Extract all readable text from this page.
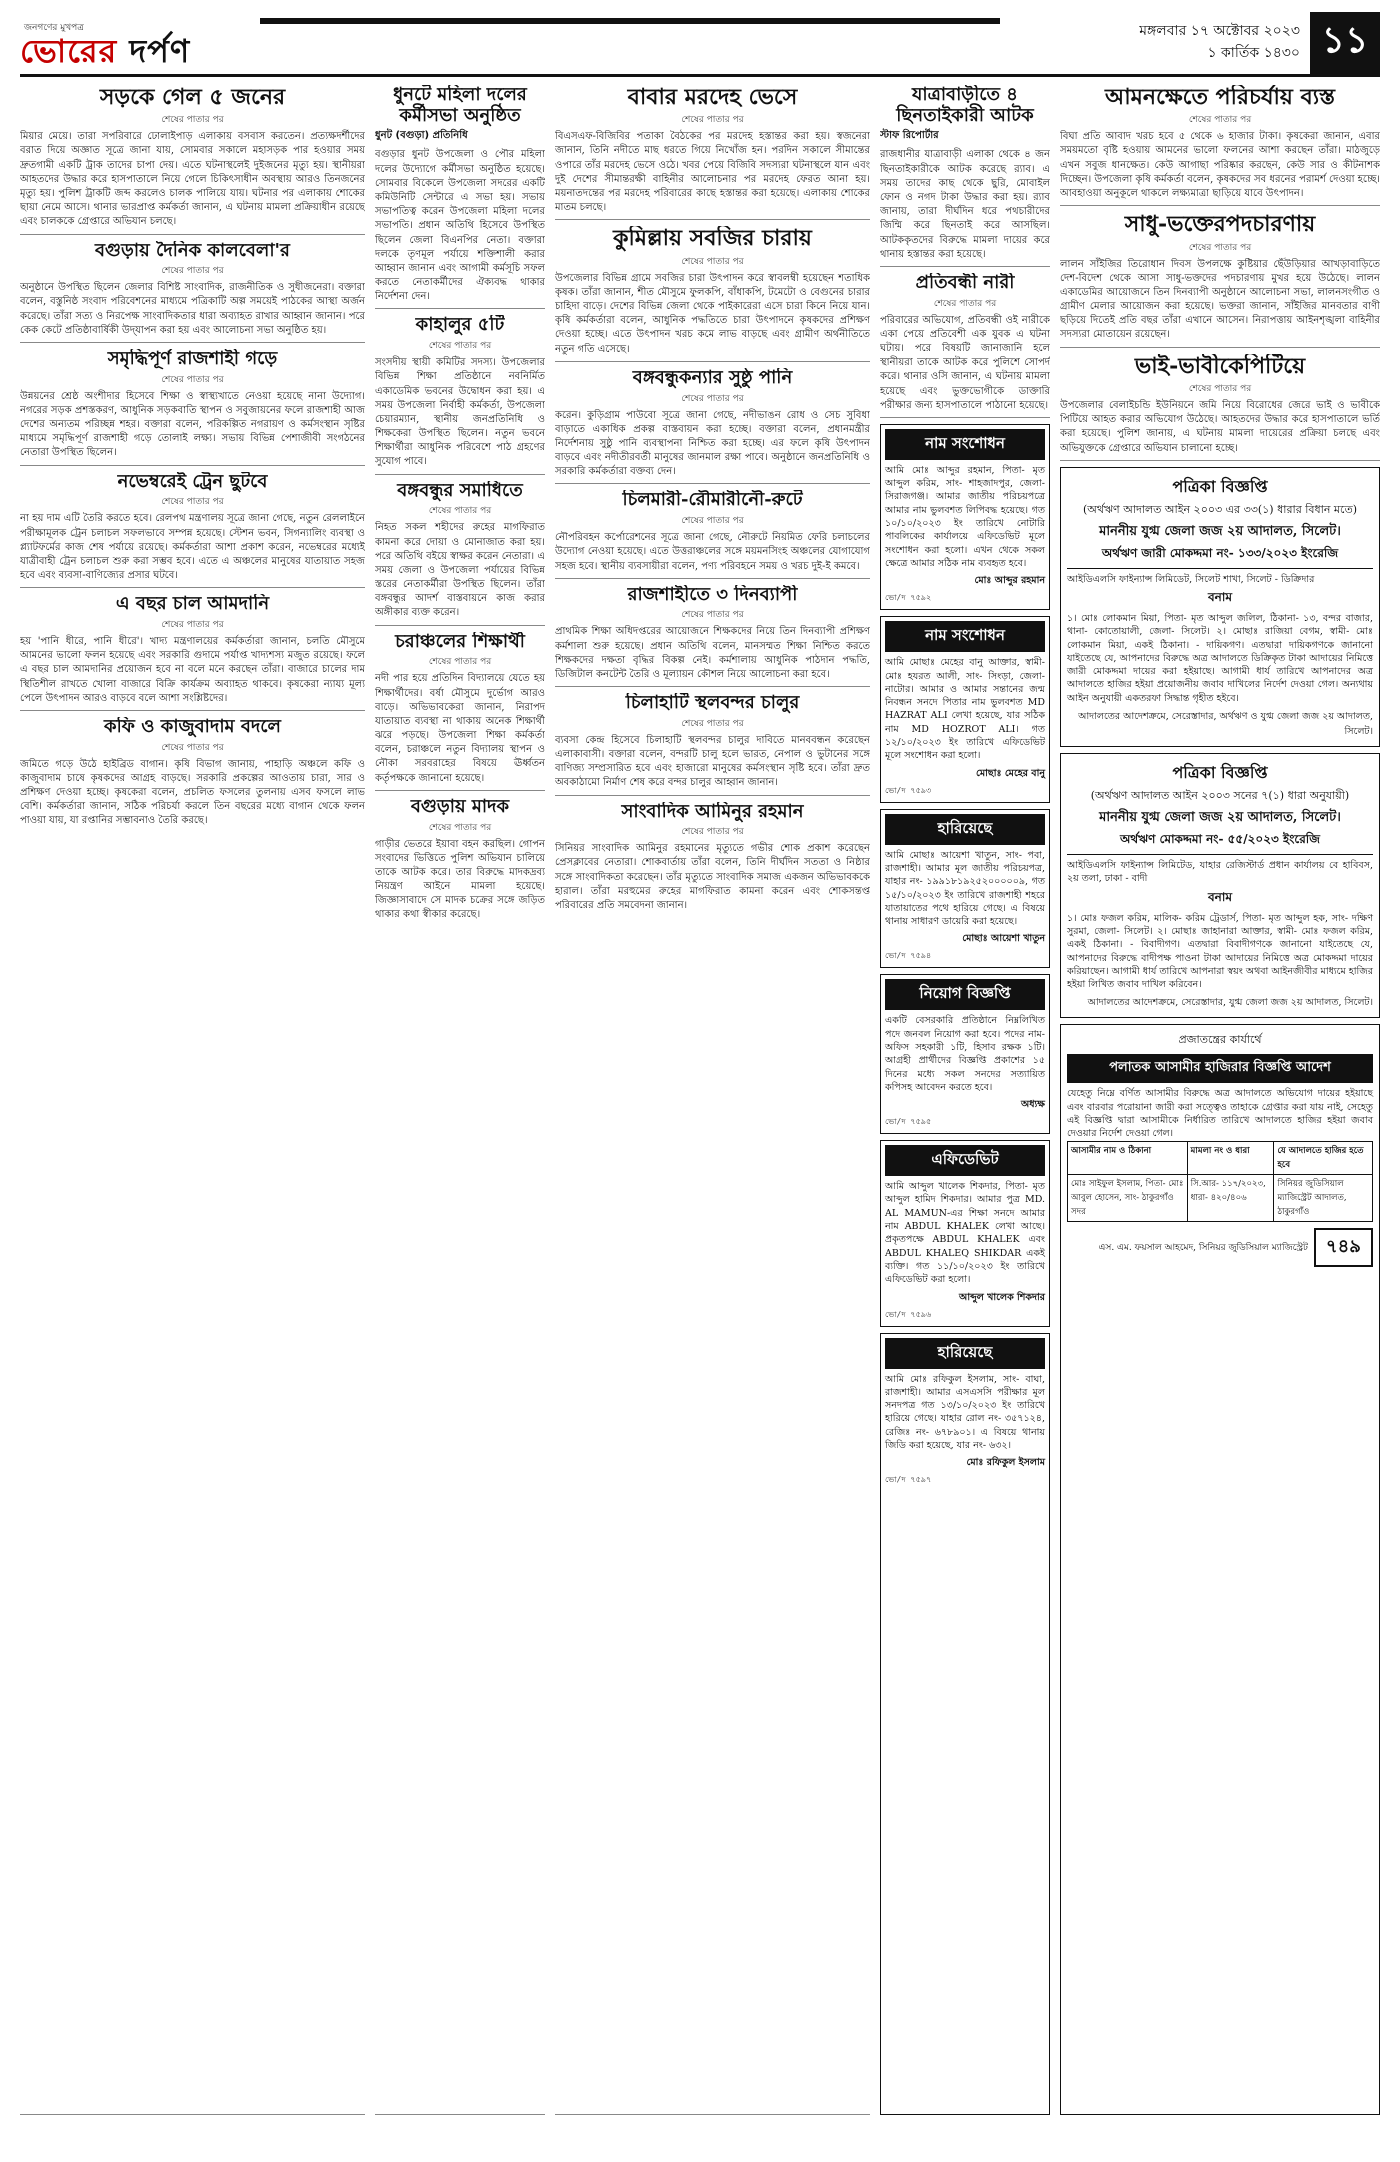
জনগণের মুখপত্র
ভোরের দর্পণ
মঙ্গলবার ১৭ অক্টোবর ২০২৩
১ কার্তিক ১৪৩০ ১১
সড়কে গেল ৫ জনের
শেষের পাতার পর

মিয়ার মেয়ে। তারা সপরিবারে ঢোলাইপাড় এলাকায় বসবাস করতেন। প্রত্যক্ষদর্শীদের বরাত দিয়ে অজ্ঞাত সূত্রে জানা যায়, সোমবার সকালে মহাসড়ক পার হওয়ার সময় দ্রুতগামী একটি ট্রাক তাদের চাপা দেয়। এতে ঘটনাস্থলেই দুইজনের মৃত্যু হয়। স্থানীয়রা আহতদের উদ্ধার করে হাসপাতালে নিয়ে গেলে চিকিৎসাধীন অবস্থায় আরও তিনজনের মৃত্যু হয়। পুলিশ ট্রাকটি জব্দ করলেও চালক পালিয়ে যায়। ঘটনার পর এলাকায় শোকের ছায়া নেমে আসে। থানার ভারপ্রাপ্ত কর্মকর্তা জানান, এ ঘটনায় মামলা প্রক্রিয়াধীন রয়েছে এবং চালককে গ্রেপ্তারে অভিযান চলছে।

বগুড়ায় দৈনিক কালবেলা'র
শেষের পাতার পর

অনুষ্ঠানে উপস্থিত ছিলেন জেলার বিশিষ্ট সাংবাদিক, রাজনীতিক ও সুধীজনেরা। বক্তারা বলেন, বস্তুনিষ্ঠ সংবাদ পরিবেশনের মাধ্যমে পত্রিকাটি অল্প সময়েই পাঠকের আস্থা অর্জন করেছে। তাঁরা সত্য ও নিরপেক্ষ সাংবাদিকতার ধারা অব্যাহত রাখার আহ্বান জানান। পরে কেক কেটে প্রতিষ্ঠাবার্ষিকী উদ্‌যাপন করা হয় এবং আলোচনা সভা অনুষ্ঠিত হয়।

সমৃদ্ধিপূর্ণ রাজশাহী গড়ে
শেষের পাতার পর

উন্নয়নের শ্রেষ্ঠ অংশীদার হিসেবে শিক্ষা ও স্বাস্থ্যখাতে নেওয়া হয়েছে নানা উদ্যোগ। নগরের সড়ক প্রশস্তকরণ, আধুনিক সড়কবাতি স্থাপন ও সবুজায়নের ফলে রাজশাহী আজ দেশের অন্যতম পরিচ্ছন্ন শহর। বক্তারা বলেন, পরিকল্পিত নগরায়ণ ও কর্মসংস্থান সৃষ্টির মাধ্যমে সমৃদ্ধিপূর্ণ রাজশাহী গড়ে তোলাই লক্ষ্য। সভায় বিভিন্ন পেশাজীবী সংগঠনের নেতারা উপস্থিত ছিলেন।

নভেম্বরেই ট্রেন ছুটবে
শেষের পাতার পর

না হয় দাম এটি তৈরি করতে হবে। রেলপথ মন্ত্রণালয় সূত্রে জানা গেছে, নতুন রেললাইনে পরীক্ষামূলক ট্রেন চলাচল সফলভাবে সম্পন্ন হয়েছে। স্টেশন ভবন, সিগন্যালিং ব্যবস্থা ও প্ল্যাটফর্মের কাজ শেষ পর্যায়ে রয়েছে। কর্মকর্তারা আশা প্রকাশ করেন, নভেম্বরের মধ্যেই যাত্রীবাহী ট্রেন চলাচল শুরু করা সম্ভব হবে। এতে এ অঞ্চলের মানুষের যাতায়াত সহজ হবে এবং ব্যবসা-বাণিজ্যের প্রসার ঘটবে।

এ বছর চাল আমদানি
শেষের পাতার পর

হয় 'পানি ধীরে, পানি ধীরে'। খাদ্য মন্ত্রণালয়ের কর্মকর্তারা জানান, চলতি মৌসুমে আমনের ভালো ফলন হয়েছে এবং সরকারি গুদামে পর্যাপ্ত খাদ্যশস্য মজুত রয়েছে। ফলে এ বছর চাল আমদানির প্রয়োজন হবে না বলে মনে করছেন তাঁরা। বাজারে চালের দাম স্থিতিশীল রাখতে খোলা বাজারে বিক্রি কার্যক্রম অব্যাহত থাকবে। কৃষকেরা ন্যায্য মূল্য পেলে উৎপাদন আরও বাড়বে বলে আশা সংশ্লিষ্টদের।

কফি ও কাজুবাদাম বদলে
শেষের পাতার পর

জমিতে গড়ে উঠে হাইব্রিড বাগান। কৃষি বিভাগ জানায়, পাহাড়ি অঞ্চলে কফি ও কাজুবাদাম চাষে কৃষকদের আগ্রহ বাড়ছে। সরকারি প্রকল্পের আওতায় চারা, সার ও প্রশিক্ষণ দেওয়া হচ্ছে। কৃষকেরা বলেন, প্রচলিত ফসলের তুলনায় এসব ফসলে লাভ বেশি। কর্মকর্তারা জানান, সঠিক পরিচর্যা করলে তিন বছরের মধ্যে বাগান থেকে ফলন পাওয়া যায়, যা রপ্তানির সম্ভাবনাও তৈরি করছে।

ধুনটে মহিলা দলের কর্মীসভা অনুষ্ঠিত
ধুনট (বগুড়া) প্রতিনিধি

বগুড়ার ধুনট উপজেলা ও পৌর মহিলা দলের উদ্যোগে কর্মীসভা অনুষ্ঠিত হয়েছে। সোমবার বিকেলে উপজেলা সদরের একটি কমিউনিটি সেন্টারে এ সভা হয়। সভায় সভাপতিত্ব করেন উপজেলা মহিলা দলের সভাপতি। প্রধান অতিথি হিসেবে উপস্থিত ছিলেন জেলা বিএনপির নেতা। বক্তারা দলকে তৃণমূল পর্যায়ে শক্তিশালী করার আহ্বান জানান এবং আগামী কর্মসূচি সফল করতে নেতাকর্মীদের ঐক্যবদ্ধ থাকার নির্দেশনা দেন।

কাহালুর ৫টি
শেষের পাতার পর

সংসদীয় স্থায়ী কমিটির সদস্য। উপজেলার বিভিন্ন শিক্ষা প্রতিষ্ঠানে নবনির্মিত একাডেমিক ভবনের উদ্বোধন করা হয়। এ সময় উপজেলা নির্বাহী কর্মকর্তা, উপজেলা চেয়ারম্যান, স্থানীয় জনপ্রতিনিধি ও শিক্ষকেরা উপস্থিত ছিলেন। নতুন ভবনে শিক্ষার্থীরা আধুনিক পরিবেশে পাঠ গ্রহণের সুযোগ পাবে।

বঙ্গবন্ধুর সমাধিতে
শেষের পাতার পর

নিহত সকল শহীদের রুহের মাগফিরাত কামনা করে দোয়া ও মোনাজাত করা হয়। পরে অতিথি বইয়ে স্বাক্ষর করেন নেতারা। এ সময় জেলা ও উপজেলা পর্যায়ের বিভিন্ন স্তরের নেতাকর্মীরা উপস্থিত ছিলেন। তাঁরা বঙ্গবন্ধুর আদর্শ বাস্তবায়নে কাজ করার অঙ্গীকার ব্যক্ত করেন।

চরাঞ্চলের শিক্ষার্থী
শেষের পাতার পর

নদী পার হয়ে প্রতিদিন বিদ্যালয়ে যেতে হয় শিক্ষার্থীদের। বর্ষা মৌসুমে দুর্ভোগ আরও বাড়ে। অভিভাবকেরা জানান, নিরাপদ যাতায়াত ব্যবস্থা না থাকায় অনেক শিক্ষার্থী ঝরে পড়ছে। উপজেলা শিক্ষা কর্মকর্তা বলেন, চরাঞ্চলে নতুন বিদ্যালয় স্থাপন ও নৌকা সরবরাহের বিষয়ে ঊর্ধ্বতন কর্তৃপক্ষকে জানানো হয়েছে।

বগুড়ায় মাদক
শেষের পাতার পর

গাড়ীর ভেতরে ইয়াবা বহন করছিল। গোপন সংবাদের ভিত্তিতে পুলিশ অভিযান চালিয়ে তাকে আটক করে। তার বিরুদ্ধে মাদকদ্রব্য নিয়ন্ত্রণ আইনে মামলা হয়েছে। জিজ্ঞাসাবাদে সে মাদক চক্রের সঙ্গে জড়িত থাকার কথা স্বীকার করেছে।

বাবার মরদেহ ভেসে
শেষের পাতার পর

বিএসএফ-বিজিবির পতাকা বৈঠকের পর মরদেহ হস্তান্তর করা হয়। স্বজনেরা জানান, তিনি নদীতে মাছ ধরতে গিয়ে নিখোঁজ হন। পরদিন সকালে সীমান্তের ওপারে তাঁর মরদেহ ভেসে ওঠে। খবর পেয়ে বিজিবি সদস্যরা ঘটনাস্থলে যান এবং দুই দেশের সীমান্তরক্ষী বাহিনীর আলোচনার পর মরদেহ ফেরত আনা হয়। ময়নাতদন্তের পর মরদেহ পরিবারের কাছে হস্তান্তর করা হয়েছে। এলাকায় শোকের মাতম চলছে।

কুমিল্লায় সবজির চারায়
শেষের পাতার পর

উপজেলার বিভিন্ন গ্রামে সবজির চারা উৎপাদন করে স্বাবলম্বী হয়েছেন শতাধিক কৃষক। তাঁরা জানান, শীত মৌসুমে ফুলকপি, বাঁধাকপি, টমেটো ও বেগুনের চারার চাহিদা বাড়ে। দেশের বিভিন্ন জেলা থেকে পাইকারেরা এসে চারা কিনে নিয়ে যান। কৃষি কর্মকর্তারা বলেন, আধুনিক পদ্ধতিতে চারা উৎপাদনে কৃষকদের প্রশিক্ষণ দেওয়া হচ্ছে। এতে উৎপাদন খরচ কমে লাভ বাড়ছে এবং গ্রামীণ অর্থনীতিতে নতুন গতি এসেছে।

বঙ্গবন্ধুকন্যার সুষ্ঠু পানি
শেষের পাতার পর

করেন। কুড়িগ্রাম পাউবো সূত্রে জানা গেছে, নদীভাঙন রোধ ও সেচ সুবিধা বাড়াতে একাধিক প্রকল্প বাস্তবায়ন করা হচ্ছে। বক্তারা বলেন, প্রধানমন্ত্রীর নির্দেশনায় সুষ্ঠু পানি ব্যবস্থাপনা নিশ্চিত করা হচ্ছে। এর ফলে কৃষি উৎপাদন বাড়বে এবং নদীতীরবর্তী মানুষের জানমাল রক্ষা পাবে। অনুষ্ঠানে জনপ্রতিনিধি ও সরকারি কর্মকর্তারা বক্তব্য দেন।

চিলমারী-রৌমারীনৌ-রুটে
শেষের পাতার পর

নৌপরিবহন কর্পোরেশনের সূত্রে জানা গেছে, নৌরুটে নিয়মিত ফেরি চলাচলের উদ্যোগ নেওয়া হয়েছে। এতে উত্তরাঞ্চলের সঙ্গে ময়মনসিংহ অঞ্চলের যোগাযোগ সহজ হবে। স্থানীয় ব্যবসায়ীরা বলেন, পণ্য পরিবহনে সময় ও খরচ দুই-ই কমবে।

রাজশাহীতে ৩ দিনব্যাপী
শেষের পাতার পর

প্রাথমিক শিক্ষা অধিদপ্তরের আয়োজনে শিক্ষকদের নিয়ে তিন দিনব্যাপী প্রশিক্ষণ কর্মশালা শুরু হয়েছে। প্রধান অতিথি বলেন, মানসম্মত শিক্ষা নিশ্চিত করতে শিক্ষকদের দক্ষতা বৃদ্ধির বিকল্প নেই। কর্মশালায় আধুনিক পাঠদান পদ্ধতি, ডিজিটাল কনটেন্ট তৈরি ও মূল্যায়ন কৌশল নিয়ে আলোচনা করা হবে।

চিলাহাটি স্থলবন্দর চালুর
শেষের পাতার পর

ব্যবসা কেন্দ্র হিসেবে চিলাহাটি স্থলবন্দর চালুর দাবিতে মানববন্ধন করেছেন এলাকাবাসী। বক্তারা বলেন, বন্দরটি চালু হলে ভারত, নেপাল ও ভুটানের সঙ্গে বাণিজ্য সম্প্রসারিত হবে এবং হাজারো মানুষের কর্মসংস্থান সৃষ্টি হবে। তাঁরা দ্রুত অবকাঠামো নির্মাণ শেষ করে বন্দর চালুর আহ্বান জানান।

সাংবাদিক আমিনুর রহমান
শেষের পাতার পর

সিনিয়র সাংবাদিক আমিনুর রহমানের মৃত্যুতে গভীর শোক প্রকাশ করেছেন প্রেসক্লাবের নেতারা। শোকবার্তায় তাঁরা বলেন, তিনি দীর্ঘদিন সততা ও নিষ্ঠার সঙ্গে সাংবাদিকতা করেছেন। তাঁর মৃত্যুতে সাংবাদিক সমাজ একজন অভিভাবককে হারাল। তাঁরা মরহুমের রুহের মাগফিরাত কামনা করেন এবং শোকসন্তপ্ত পরিবারের প্রতি সমবেদনা জানান।

যাত্রাবাড়ীতে ৪ ছিনতাইকারী আটক
স্টাফ রিপোর্টার

রাজধানীর যাত্রাবাড়ী এলাকা থেকে ৪ জন ছিনতাইকারীকে আটক করেছে র‍্যাব। এ সময় তাদের কাছ থেকে ছুরি, মোবাইল ফোন ও নগদ টাকা উদ্ধার করা হয়। র‍্যাব জানায়, তারা দীর্ঘদিন ধরে পথচারীদের জিম্মি করে ছিনতাই করে আসছিল। আটককৃতদের বিরুদ্ধে মামলা দায়ের করে থানায় হস্তান্তর করা হয়েছে।

প্রতিবন্ধী নারী
শেষের পাতার পর

পরিবারের অভিযোগ, প্রতিবন্ধী ওই নারীকে একা পেয়ে প্রতিবেশী এক যুবক এ ঘটনা ঘটায়। পরে বিষয়টি জানাজানি হলে স্থানীয়রা তাকে আটক করে পুলিশে সোপর্দ করে। থানার ওসি জানান, এ ঘটনায় মামলা হয়েছে এবং ভুক্তভোগীকে ডাক্তারি পরীক্ষার জন্য হাসপাতালে পাঠানো হয়েছে।

নাম সংশোধন

আমি মোঃ আব্দুর রহমান, পিতা- মৃত আব্দুল করিম, সাং- শাহজাদপুর, জেলা- সিরাজগঞ্জ। আমার জাতীয় পরিচয়পত্রে আমার নাম ভুলবশত লিপিবদ্ধ হয়েছে। গত ১০/১০/২০২৩ ইং তারিখে নোটারি পাবলিকের কার্যালয়ে এফিডেভিট মূলে সংশোধন করা হলো। এখন থেকে সকল ক্ষেত্রে আমার সঠিক নাম ব্যবহৃত হবে।

মোঃ আব্দুর রহমান
ভো/দ ৭৫৯২
নাম সংশোধন

আমি মোছাঃ মেহের বানু আক্তার, স্বামী- মোঃ হযরত আলী, সাং- সিংড়া, জেলা- নাটোর। আমার ও আমার সন্তানের জন্ম নিবন্ধন সনদে পিতার নাম ভুলবশত MD HAZRAT ALI লেখা হয়েছে, যার সঠিক নাম MD HOZROT ALI। গত ১২/১০/২০২৩ ইং তারিখে এফিডেভিট মূলে সংশোধন করা হলো।

মোছাঃ মেহের বানু
ভো/দ ৭৫৯৩
হারিয়েছে

আমি মোছাঃ আয়েশা খাতুন, সাং- পবা, রাজশাহী। আমার মূল জাতীয় পরিচয়পত্র, যাহার নং- ১৯৯১৮১৯২৫২০০০০০৯, গত ১৫/১০/২০২৩ ইং তারিখে রাজশাহী শহরে যাতায়াতের পথে হারিয়ে গেছে। এ বিষয়ে থানায় সাধারণ ডায়েরি করা হয়েছে।

মোছাঃ আয়েশা খাতুন
ভো/দ ৭৫৯৪
নিয়োগ বিজ্ঞপ্তি

একটি বেসরকারি প্রতিষ্ঠানে নিম্নলিখিত পদে জনবল নিয়োগ করা হবে। পদের নাম- অফিস সহকারী ১টি, হিসাব রক্ষক ১টি। আগ্রহী প্রার্থীদের বিজ্ঞপ্তি প্রকাশের ১৫ দিনের মধ্যে সকল সনদের সত্যায়িত কপিসহ আবেদন করতে হবে।

অধ্যক্ষ
ভো/দ ৭৫৯৫
এফিডেভিট

আমি আব্দুল খালেক শিকদার, পিতা- মৃত আব্দুল হামিদ শিকদার। আমার পুত্র MD. AL MAMUN-এর শিক্ষা সনদে আমার নাম ABDUL KHALEK লেখা আছে। প্রকৃতপক্ষে ABDUL KHALEK এবং ABDUL KHALEQ SHIKDAR একই ব্যক্তি। গত ১১/১০/২০২৩ ইং তারিখে এফিডেভিট করা হলো।

আব্দুল খালেক শিকদার
ভো/দ ৭৫৯৬
হারিয়েছে

আমি মোঃ রফিকুল ইসলাম, সাং- বাঘা, রাজশাহী। আমার এসএসসি পরীক্ষার মূল সনদপত্র গত ১৩/১০/২০২৩ ইং তারিখে হারিয়ে গেছে। যাহার রোল নং- ৩৫৭১২৪, রেজিঃ নং- ৬৭৮৯০১। এ বিষয়ে থানায় জিডি করা হয়েছে, যার নং- ৬৩২।

মোঃ রফিকুল ইসলাম
ভো/দ ৭৫৯৭
আমনক্ষেতে পরিচর্যায় ব্যস্ত
শেষের পাতার পর

বিঘা প্রতি আবাদ খরচ হবে ৫ থেকে ৬ হাজার টাকা। কৃষকেরা জানান, এবার সময়মতো বৃষ্টি হওয়ায় আমনের ভালো ফলনের আশা করছেন তাঁরা। মাঠজুড়ে এখন সবুজ ধানক্ষেত। কেউ আগাছা পরিষ্কার করছেন, কেউ সার ও কীটনাশক দিচ্ছেন। উপজেলা কৃষি কর্মকর্তা বলেন, কৃষকদের সব ধরনের পরামর্শ দেওয়া হচ্ছে। আবহাওয়া অনুকূলে থাকলে লক্ষ্যমাত্রা ছাড়িয়ে যাবে উৎপাদন।

সাধু-ভক্তেরপদচারণায়
শেষের পাতার পর

লালন সাঁইজির তিরোধান দিবস উপলক্ষে কুষ্টিয়ার ছেঁউড়িয়ার আখড়াবাড়িতে দেশ-বিদেশ থেকে আসা সাধু-ভক্তদের পদচারণায় মুখর হয়ে উঠেছে। লালন একাডেমির আয়োজনে তিন দিনব্যাপী অনুষ্ঠানে আলোচনা সভা, লালনসংগীত ও গ্রামীণ মেলার আয়োজন করা হয়েছে। ভক্তরা জানান, সাঁইজির মানবতার বাণী ছড়িয়ে দিতেই প্রতি বছর তাঁরা এখানে আসেন। নিরাপত্তায় আইনশৃঙ্খলা বাহিনীর সদস্যরা মোতায়েন রয়েছেন।

ভাই-ভাবীকেপিটিয়ে
শেষের পাতার পর

উপজেলার বেলাইচন্ডি ইউনিয়নে জমি নিয়ে বিরোধের জেরে ভাই ও ভাবীকে পিটিয়ে আহত করার অভিযোগ উঠেছে। আহতদের উদ্ধার করে হাসপাতালে ভর্তি করা হয়েছে। পুলিশ জানায়, এ ঘটনায় মামলা দায়েরের প্রক্রিয়া চলছে এবং অভিযুক্তকে গ্রেপ্তারে অভিযান চালানো হচ্ছে।

পত্রিকা বিজ্ঞপ্তি
(অর্থঋণ আদালত আইন ২০০৩ এর ৩৩(১) ধারার বিধান মতে)
মাননীয় যুগ্ম জেলা জজ ২য় আদালত, সিলেট।
অর্থঋণ জারী মোকদ্দমা নং- ১৩৩/২০২৩ ইংরেজি

আইডিএলসি ফাইন্যান্স লিমিডেট, সিলেট শাখা, সিলেট - ডিক্রিদার

বনাম

১। মোঃ লোকমান মিয়া, পিতা- মৃত আব্দুল জলিল, ঠিকানা- ১৩, বন্দর বাজার, থানা- কোতোয়ালী, জেলা- সিলেট। ২। মোছাঃ রাজিয়া বেগম, স্বামী- মোঃ লোকমান মিয়া, একই ঠিকানা। - দায়িকগণ। এতদ্বারা দায়িকগণকে জানানো যাইতেছে যে, আপনাদের বিরুদ্ধে অত্র আদালতে ডিক্রিকৃত টাকা আদায়ের নিমিত্তে জারী মোকদ্দমা দায়ের করা হইয়াছে। আগামী ধার্য তারিখে আপনাদের অত্র আদালতে হাজির হইয়া প্রয়োজনীয় জবাব দাখিলের নির্দেশ দেওয়া গেল। অন্যথায় আইন অনুযায়ী একতরফা সিদ্ধান্ত গৃহীত হইবে।

আদালতের আদেশক্রমে, সেরেস্তাদার, অর্থঋণ ও যুগ্ম জেলা জজ ২য় আদালত, সিলেট।
পত্রিকা বিজ্ঞপ্তি
(অর্থঋণ আদালত আইন ২০০৩ সনের ৭(১) ধারা অনুযায়ী)
মাননীয় যুগ্ম জেলা জজ ২য় আদালত, সিলেট।
অর্থঋণ মোকদ্দমা নং- ৫৫/২০২৩ ইংরেজি

আইডিএলসি ফাইন্যান্স লিমিটেড, যাহার রেজিস্টার্ড প্রধান কার্যালয় বে হাবিবস, ২য় তলা, ঢাকা - বাদী

বনাম

১। মোঃ ফজল করিম, মালিক- করিম ট্রেডার্স, পিতা- মৃত আব্দুল হক, সাং- দক্ষিণ সুরমা, জেলা- সিলেট। ২। মোছাঃ জাহানারা আক্তার, স্বামী- মোঃ ফজল করিম, একই ঠিকানা। - বিবাদীগণ। এতদ্বারা বিবাদীগণকে জানানো যাইতেছে যে, আপনাদের বিরুদ্ধে বাদীপক্ষ পাওনা টাকা আদায়ের নিমিত্তে অত্র মোকদ্দমা দায়ের করিয়াছেন। আগামী ধার্য তারিখে আপনারা স্বয়ং অথবা আইনজীবীর মাধ্যমে হাজির হইয়া লিখিত জবাব দাখিল করিবেন।

আদালতের আদেশক্রমে, সেরেস্তাদার, যুগ্ম জেলা জজ ২য় আদালত, সিলেট।
প্রজাতন্ত্রের কার্যার্থে
পলাতক আসামীর হাজিরার বিজ্ঞপ্তি আদেশ

যেহেতু নিম্নে বর্ণিত আসামীর বিরুদ্ধে অত্র আদালতে অভিযোগ দায়ের হইয়াছে এবং বারবার পরোয়ানা জারী করা সত্ত্বেও তাহাকে গ্রেপ্তার করা যায় নাই, সেহেতু এই বিজ্ঞপ্তি দ্বারা আসামীকে নির্ধারিত তারিখে আদালতে হাজির হইয়া জবাব দেওয়ার নির্দেশ দেওয়া গেল।

আসামীর নাম ও ঠিকানা	মামলা নং ও ধারা	যে আদালতে হাজির হতে হবে
মোঃ সাইফুল ইসলাম, পিতা- মোঃ আবুল হোসেন, সাং- ঠাকুরগাঁও সদর	সি.আর- ১১৭/২০২৩, ধারা- ৪২০/৪০৬	সিনিয়র জুডিসিয়াল ম্যাজিস্ট্রেট আদালত, ঠাকুরগাঁও
এস. এম. ফয়সাল আহমেদ, সিনিয়র জুডিসিয়াল ম্যাজিস্ট্রেট	৭৪৯
